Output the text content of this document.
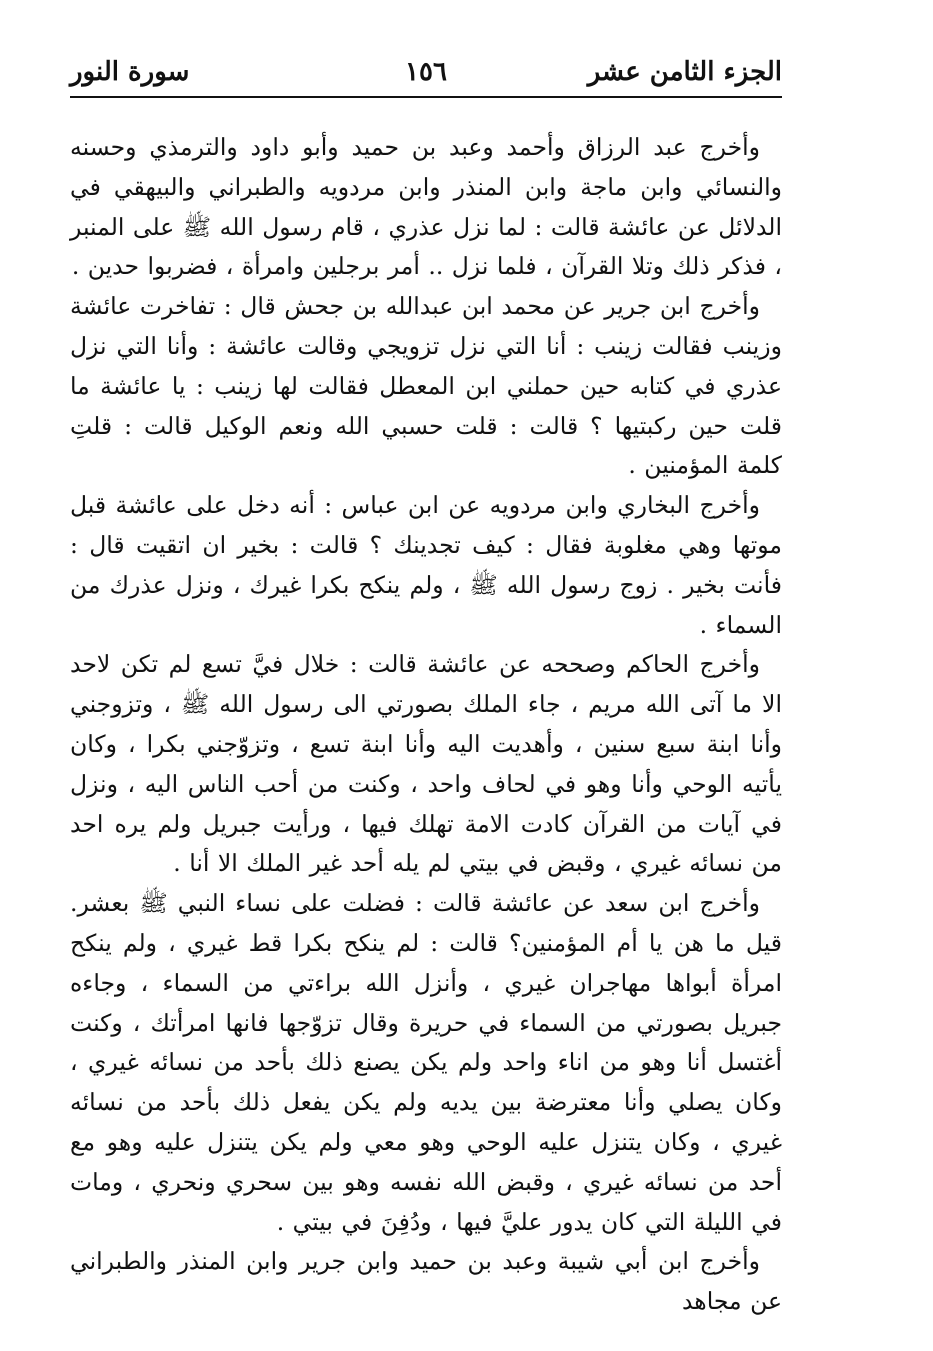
الجزء الثامن عشر
١٥٦
سورة النور

وأخرج عبد الرزاق وأحمد وعبد بن حميد وأبو داود والترمذي وحسنه والنسائي وابن ماجة وابن المنذر وابن مردويه والطبراني والبيهقي في الدلائل عن عائشة قالت : لما نزل عذري ، قام رسول الله ﷺ على المنبر ، فذكر ذلك وتلا القرآن ، فلما نزل .. أمر برجلين وامرأة ، فضربوا حدين .

وأخرج ابن جرير عن محمد ابن عبدالله بن جحش قال : تفاخرت عائشة وزينب فقالت زينب : أنا التي نزل تزويجي وقالت عائشة : وأنا التي نزل عذري في كتابه حين حملني ابن المعطل فقالت لها زينب : يا عائشة ما قلت حين ركبتيها ؟ قالت : قلت حسبي الله ونعم الوكيل قالت : قلتِ كلمة المؤمنين .

وأخرج البخاري وابن مردويه عن ابن عباس : أنه دخل على عائشة قبل موتها وهي مغلوبة فقال : كيف تجدينك ؟ قالت : بخير ان اتقيت قال : فأنت بخير . زوج رسول الله ﷺ ، ولم ينكح بكرا غيرك ، ونزل عذرك من السماء .

وأخرج الحاكم وصححه عن عائشة قالت : خلال فيَّ تسع لم تكن لاحد الا ما آتى الله مريم ، جاء الملك بصورتي الى رسول الله ﷺ ، وتزوجني وأنا ابنة سبع سنين ، وأهديت اليه وأنا ابنة تسع ، وتزوّجني بكرا ، وكان يأتيه الوحي وأنا وهو في لحاف واحد ، وكنت من أحب الناس اليه ، ونزل في آيات من القرآن كادت الامة تهلك فيها ، ورأيت جبريل ولم يره احد من نسائه غيري ، وقبض في بيتي لم يله أحد غير الملك الا أنا .

وأخرج ابن سعد عن عائشة قالت : فضلت على نساء النبي ﷺ بعشر. قيل ما هن يا أم المؤمنين؟ قالت : لم ينكح بكرا قط غيري ، ولم ينكح امرأة أبواها مهاجران غيري ، وأنزل الله براءتي من السماء ، وجاءه جبريل بصورتي من السماء في حريرة وقال تزوّجها فانها امرأتك ، وكنت أغتسل أنا وهو من اناء واحد ولم يكن يصنع ذلك بأحد من نسائه غيري ، وكان يصلي وأنا معترضة بين يديه ولم يكن يفعل ذلك بأحد من نسائه غيري ، وكان يتنزل عليه الوحي وهو معي ولم يكن يتنزل عليه وهو مع أحد من نسائه غيري ، وقبض الله نفسه وهو بين سحري ونحري ، ومات في الليلة التي كان يدور عليَّ فيها ، ودُفِنَ في بيتي .

وأخرج ابن أبي شيبة وعبد بن حميد وابن جرير وابن المنذر والطبراني عن مجاهد
